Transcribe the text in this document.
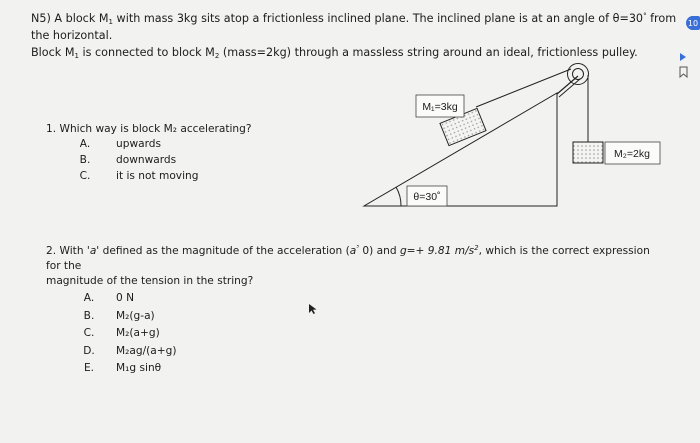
N5) A block $M_1$ with mass 3kg sits atop a frictionless inclined plane. The inclined plane is at an angle of θ=30° from the horizontal.
Block $M_1$ is connected to block $M_2$ (mass=2kg) through a massless string around an ideal, frictionless pulley.
M₁=3kg
M₂=2kg
θ=30˚
1. Which way is block M₂ accelerating?
A.	upwards
B.	downwards
C.	it is not moving
2. With 'a' defined as the magnitude of the acceleration ($a^{^3}$ 0) and g=+ 9.81 $m/s^2$, which is the correct expression for the
magnitude of the tension in the string?
A.	0 N
B.	M₂(g-a)
C.	M₂(a+g)
D.	M₂ag/(a+g)
E.	M₁g sinθ
10
